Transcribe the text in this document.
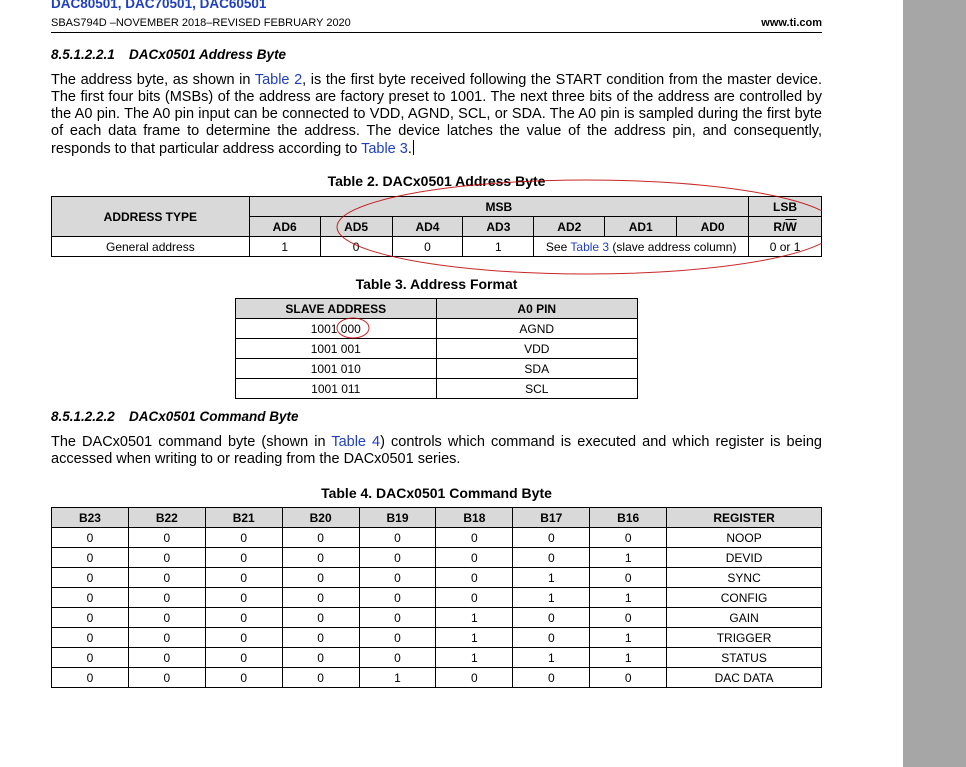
DAC80501, DAC70501, DAC60501
SBAS794D –NOVEMBER 2018–REVISED FEBRUARY 2020	www.ti.com
8.5.1.2.2.1 DACx0501 Address Byte
The address byte, as shown in Table 2, is the first byte received following the START condition from the master device. The first four bits (MSBs) of the address are factory preset to 1001. The next three bits of the address are controlled by the A0 pin. The A0 pin input can be connected to VDD, AGND, SCL, or SDA. The A0 pin is sampled during the first byte of each data frame to determine the address. The device latches the value of the address pin, and consequently, responds to that particular address according to Table 3.
Table 2. DACx0501 Address Byte
ADDRESS TYPE	MSB							LSB
	AD6	AD5	AD4	AD3	AD2	AD1	AD0	$R/\overline{W}$
General address	1	0	0	1	See Table 3 (slave address column)			0 or 1
Table 3. Address Format
SLAVE ADDRESS	A0 PIN
1001 000	AGND
1001 001	VDD
1001 010	SDA
1001 011	SCL
8.5.1.2.2.2 DACx0501 Command Byte
The DACx0501 command byte (shown in Table 4) controls which command is executed and which register is being accessed when writing to or reading from the DACx0501 series.
Table 4. DACx0501 Command Byte
B23	B22	B21	B20	B19	B18	B17	B16	REGISTER
0	0	0	0	0	0	0	0	NOOP
0	0	0	0	0	0	0	1	DEVID
0	0	0	0	0	0	1	0	SYNC
0	0	0	0	0	0	1	1	CONFIG
0	0	0	0	0	1	0	0	GAIN
0	0	0	0	0	1	0	1	TRIGGER
0	0	0	0	0	1	1	1	STATUS
0	0	0	0	1	0	0	0	DAC DATA
